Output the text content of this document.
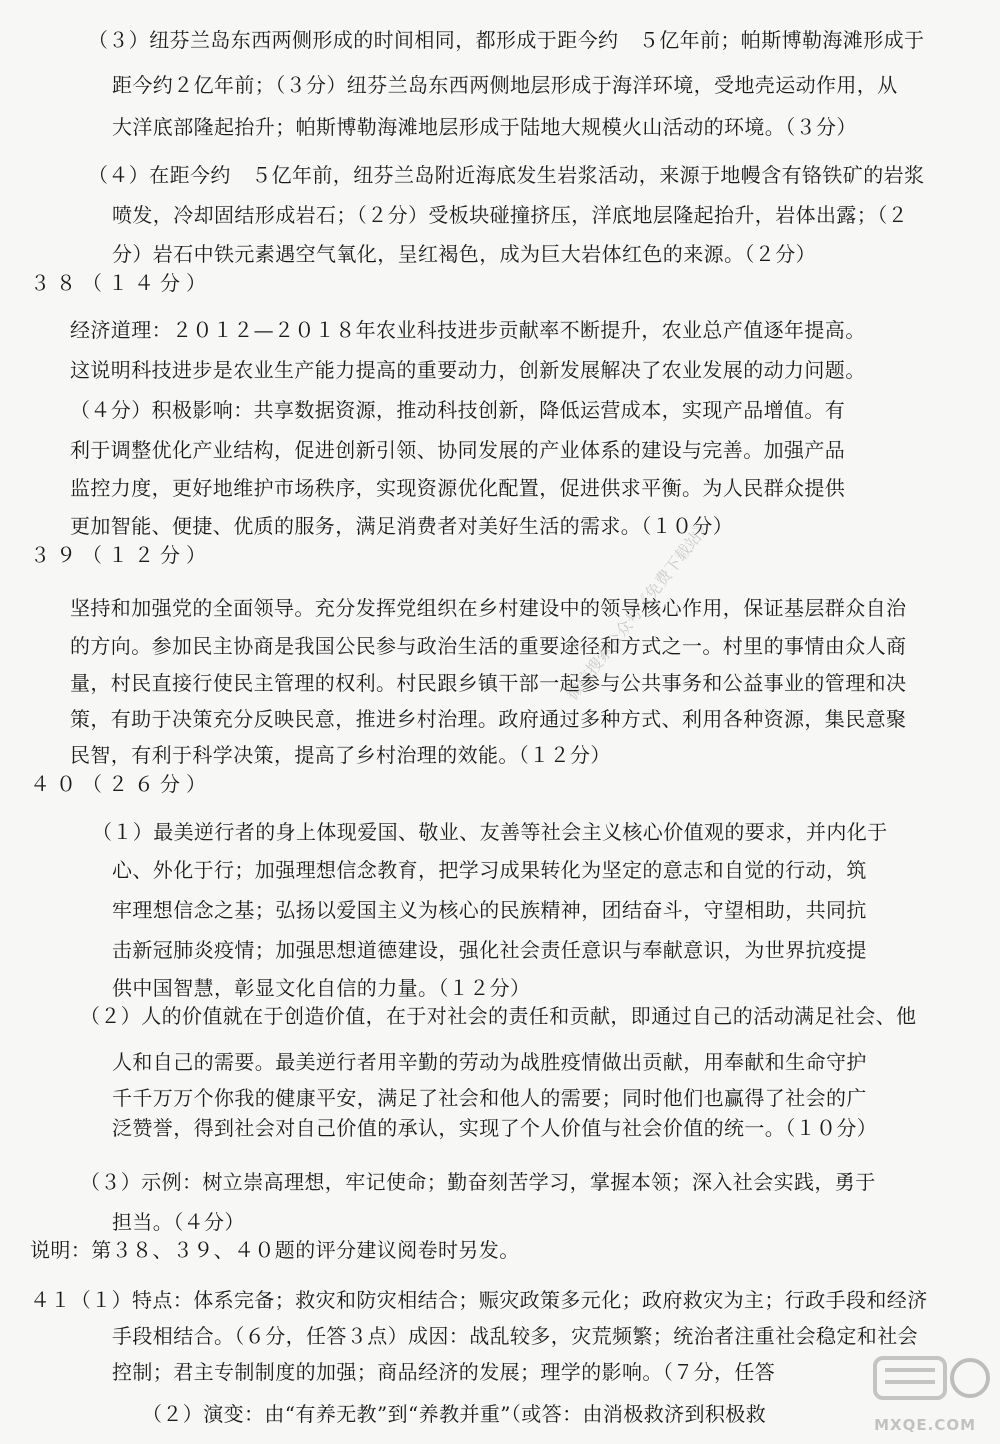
（３）纽芬兰岛东西两侧形成的时间相同，都形成于距今约　５亿年前；帕斯博勒海滩形成于
距今约２亿年前；（３分）纽芬兰岛东西两侧地层形成于海洋环境，受地壳运动作用，从
大洋底部隆起抬升；帕斯博勒海滩地层形成于陆地大规模火山活动的环境。（３分）
（４）在距今约　５亿年前，纽芬兰岛附近海底发生岩浆活动，来源于地幔含有铬铁矿的岩浆
喷发，冷却固结形成岩石；（２分）受板块碰撞挤压，洋底地层隆起抬升，岩体出露；（２
分）岩石中铁元素遇空气氧化，呈红褐色，成为巨大岩体红色的来源。（２分）
３８（１４分）
经济道理：２０１２—２０１８年农业科技进步贡献率不断提升，农业总产值逐年提高。
这说明科技进步是农业生产能力提高的重要动力，创新发展解决了农业发展的动力问题。
（４分）积极影响：共享数据资源，推动科技创新，降低运营成本，实现产品增值。有
利于调整优化产业结构，促进创新引领、协同发展的产业体系的建设与完善。加强产品
监控力度，更好地维护市场秩序，实现资源优化配置，促进供求平衡。为人民群众提供
更加智能、便捷、优质的服务，满足消费者对美好生活的需求。（１０分）
３９（１２分）
坚持和加强党的全面领导。充分发挥党组织在乡村建设中的领导核心作用，保证基层群众自治
的方向。参加民主协商是我国公民参与政治生活的重要途径和方式之一。村里的事情由众人商
量，村民直接行使民主管理的权利。村民跟乡镇干部一起参与公共事务和公益事业的管理和决
策，有助于决策充分反映民意，推进乡村治理。政府通过多种方式、利用各种资源，集民意聚
民智，有利于科学决策，提高了乡村治理的效能。（１２分）
４０（２６分）
（１）最美逆行者的身上体现爱国、敬业、友善等社会主义核心价值观的要求，并内化于
心、外化于行；加强理想信念教育，把学习成果转化为坚定的意志和自觉的行动，筑
牢理想信念之基；弘扬以爱国主义为核心的民族精神，团结奋斗，守望相助，共同抗
击新冠肺炎疫情；加强思想道德建设，强化社会责任意识与奉献意识，为世界抗疫提
供中国智慧，彰显文化自信的力量。（１２分）
（２）人的价值就在于创造价值，在于对社会的责任和贡献，即通过自己的活动满足社会、他
人和自己的需要。最美逆行者用辛勤的劳动为战胜疫情做出贡献，用奉献和生命守护
千千万万个你我的健康平安，满足了社会和他人的需要；同时他们也赢得了社会的广
泛赞誉，得到社会对自己价值的承认，实现了个人价值与社会价值的统一。（１０分）
（３）示例：树立崇高理想，牢记使命；勤奋刻苦学习，掌握本领；深入社会实践，勇于
担当。（４分）
说明：第３８、３９、４０题的评分建议阅卷时另发。
４１（１）特点：体系完备；救灾和防灾相结合；赈灾政策多元化；政府救灾为主；行政手段和经济
手段相结合。（６分，任答３点）成因：战乱较多，灾荒频繁；统治者注重社会稳定和社会
控制；君主专制制度的加强；商品经济的发展；理学的影响。（７分，任答
（２）演变：由“有养无教”到“养教并重”（或答：由消极救济到积极救
微信搜索公众号《免费下载站》
MXQE.COM
